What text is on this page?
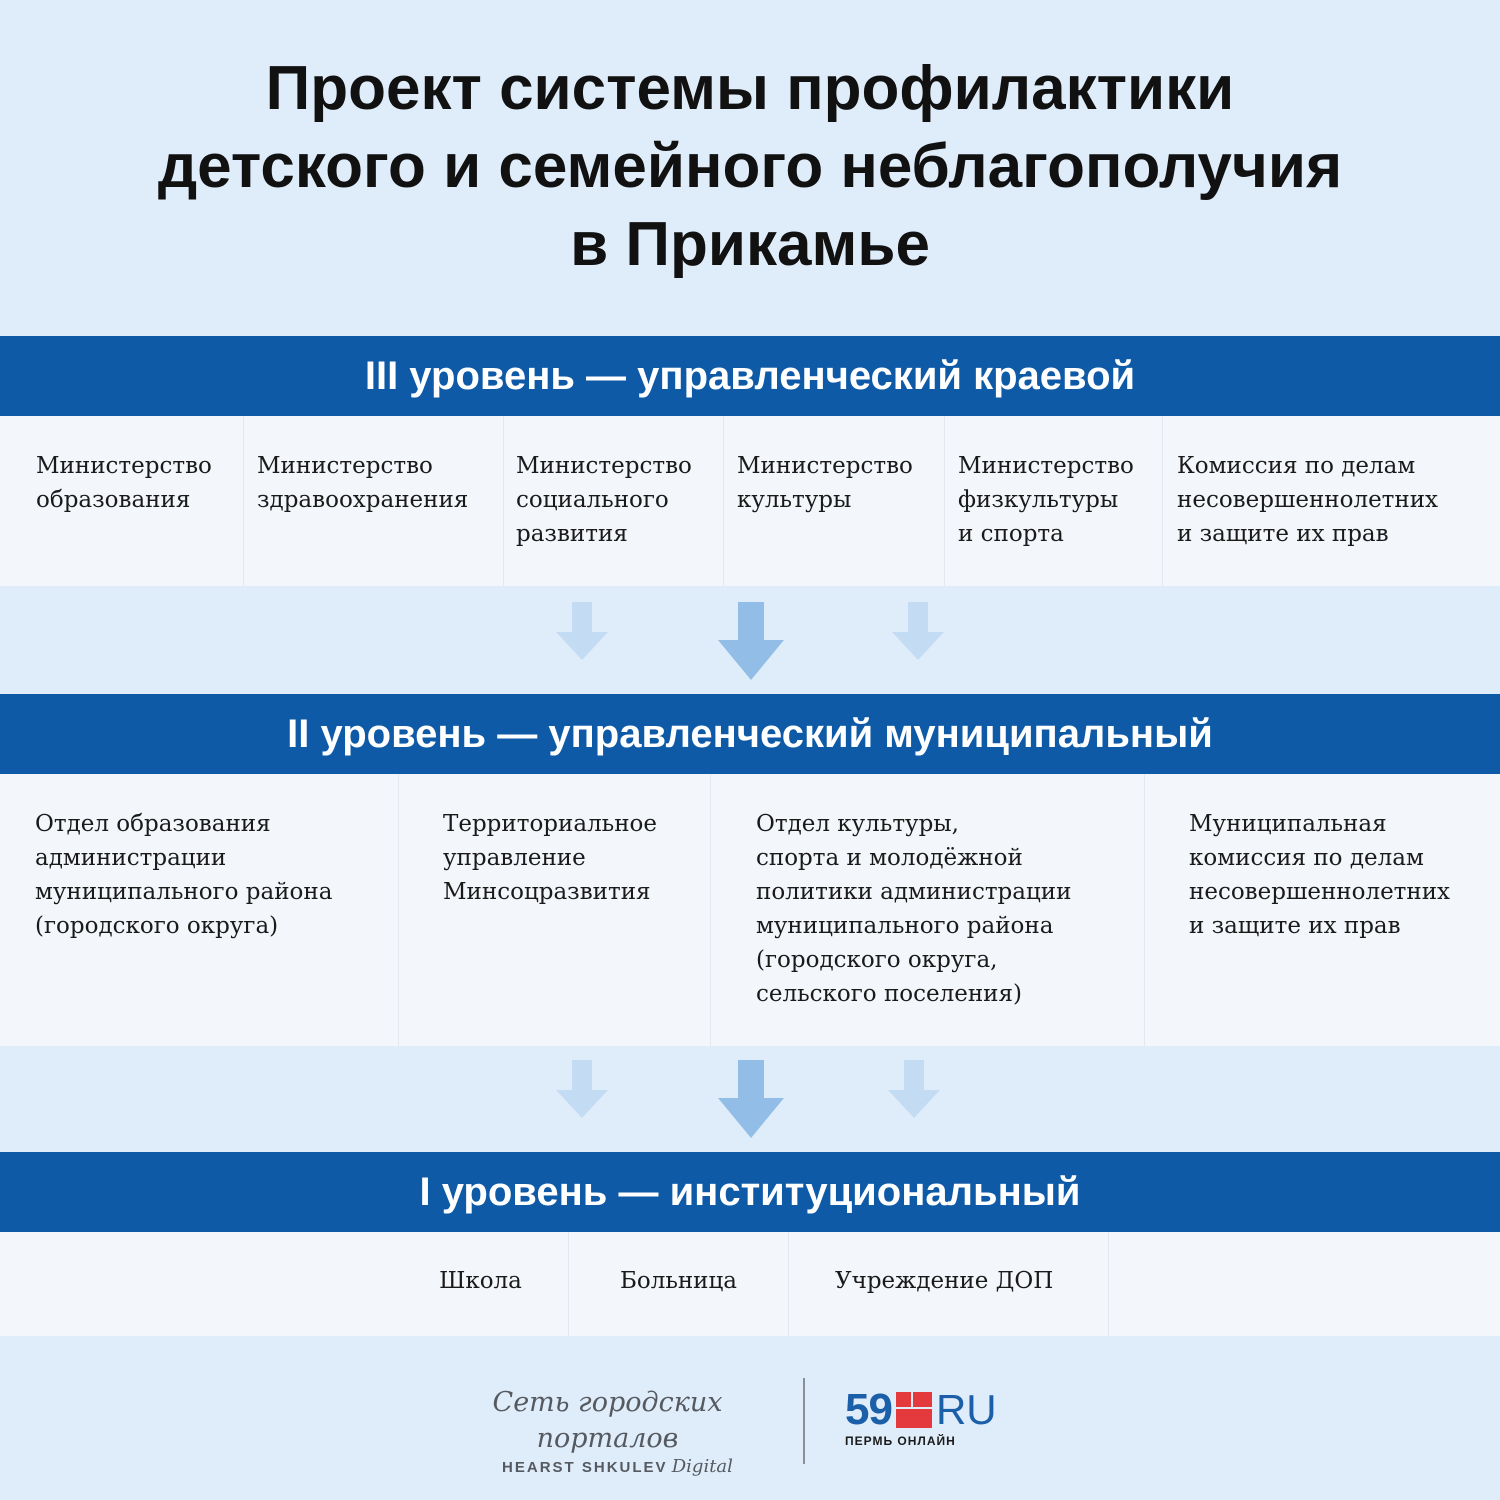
Проект системы профилактики
детского и семейного неблагополучия
в Прикамье
III уровень — управленческий краевой
Министерство
образования
Министерство
здравоохранения
Министерство
социального
развития
Министерство
культуры
Министерство
физкультуры
и спорта
Комиссия по делам
несовершеннолетних
и защите их прав
II уровень — управленческий муниципальный
Отдел образования
администрации
муниципального района
(городского округа)
Территориальное
управление
Минсоцразвития
Отдел культуры,
спорта и молодёжной
политики администрации
муниципального района
(городского округа,
сельского поселения)
Муниципальная
комиссия по делам
несовершеннолетних
и защите их прав
I уровень — институциональный
Школа	Больница	Учреждение ДОП
Сеть городских порталов
HEARST SHKULEV Digital
59 RU
ПЕРМЬ ОНЛАЙН
